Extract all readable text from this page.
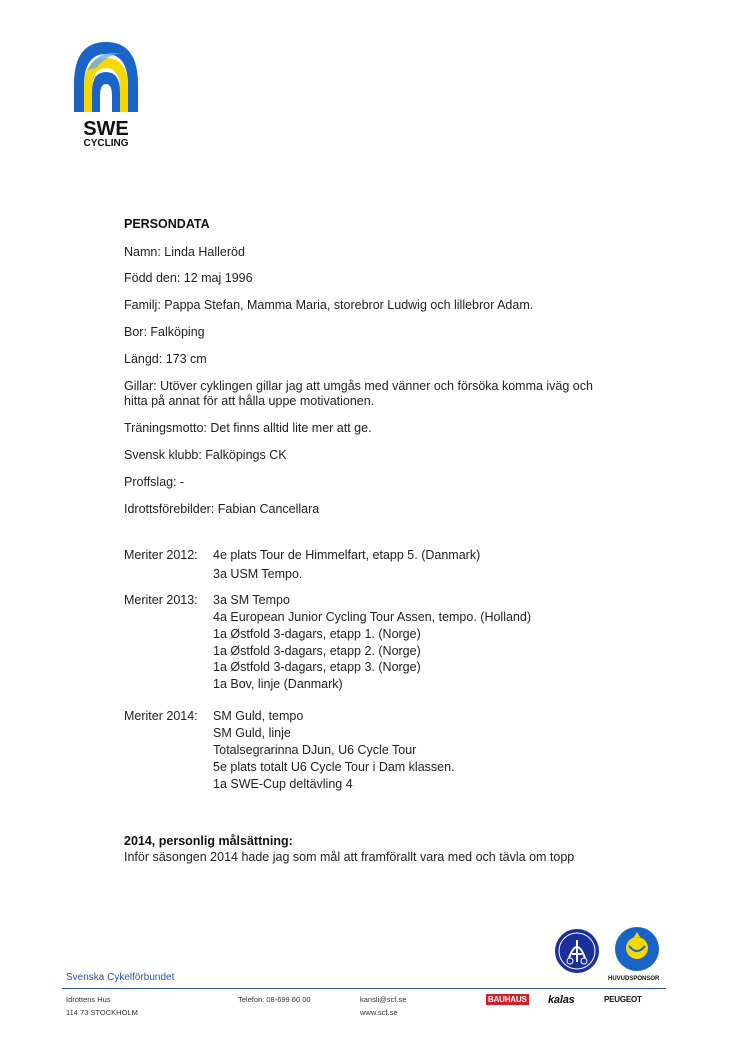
SWE
CYCLING
PERSONDATA
Namn: Linda Halleröd
Född den: 12 maj 1996
Familj: Pappa Stefan, Mamma Maria, storebror Ludwig och lillebror Adam.
Bor: Falköping
Längd: 173 cm
Gillar: Utöver cyklingen gillar jag att umgås med vänner och försöka komma iväg och
hitta på annat för att hålla uppe motivationen.
Träningsmotto: Det finns alltid lite mer att ge.
Svensk klubb: Falköpings CK
Proffslag: -
Idrottsförebilder: Fabian Cancellara
Meriter 2012: 4e plats Tour de Himmelfart, etapp 5. (Danmark)
3a USM Tempo.
Meriter 2013: 3a SM Tempo
4a European Junior Cycling Tour Assen, tempo. (Holland)
1a Østfold 3-dagars, etapp 1. (Norge)
1a Østfold 3-dagars, etapp 2. (Norge)
1a Østfold 3-dagars, etapp 3. (Norge)
1a Bov, linje (Danmark)
Meriter 2014: SM Guld, tempo
SM Guld, linje
Totalsegrarinna DJun, U6 Cycle Tour
5e plats totalt U6 Cycle Tour i Dam klassen.
1a SWE-Cup deltävling 4
2014, personlig målsättning:
Inför säsongen 2014 hade jag som mål att framförallt vara med och tävla om topp
HUVUDSPONSOR
Svenska Cykelförbundet
Idrottens Hus
114 73 STOCKHOLM
Telefon: 08-699 60 00	kansli@scf.se
www.scf.se
BAUHAUS kalas	PEUGEOT
